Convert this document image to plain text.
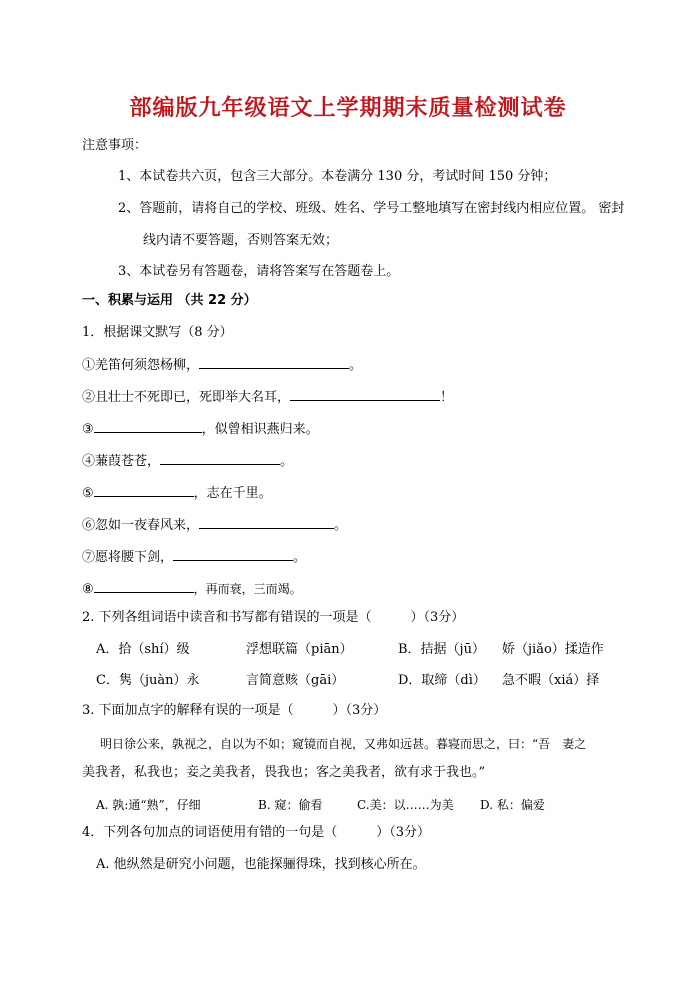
部编版九年级语文上学期期末质量检测试卷
注意事项：
1、本试卷共六页，包含三大部分。本卷满分 130 分，考试时间 150 分钟；
2、答题前，请将自己的学校、班级、姓名、学号工整地填写在密封线内相应位置。 密封
线内请不要答题，否则答案无效；
3、本试卷另有答题卷，请将答案写在答题卷上。
一、积累与运用 （共 22 分）
1．根据课文默写（8 分）
①羌笛何须怨杨柳，	。
②且壮士不死即已，死即举大名耳，	！
③	，似曾相识燕归来。
④蒹葭苍苍，	。
⑤	，志在千里。
⑥忽如一夜春风来，	。
⑦愿将腰下剑，	。
⑧	，再而衰，三而竭。
2. 下列各组词语中读音和书写都有错误的一项是（　　　）（3分）
A．拾（shí）级	浮想联篇（piān）	B．拮据（jū） 娇（jiǎo）揉造作
C．隽（juàn）永	言简意赅（gāi）	D．取缔（dì） 急不暇（xiá）择
3. 下面加点字的解释有误的一项是（　　　）（3分）
明日徐公来，孰视之，自以为不如；窥镜而自视，又弗如远甚。暮寝而思之，曰：“吾　妻之
美我者，私我也；妾之美我者，畏我也；客之美我者，欲有求于我也。”
A. 孰:通“熟”，仔细	B. 窥：偷看	C.美：以……为美 D. 私：偏爱
4．下列各句加点的词语使用有错的一句是（　　　）（3分）
A. 他纵然是研究小问题，也能探骊得珠，找到核心所在。
